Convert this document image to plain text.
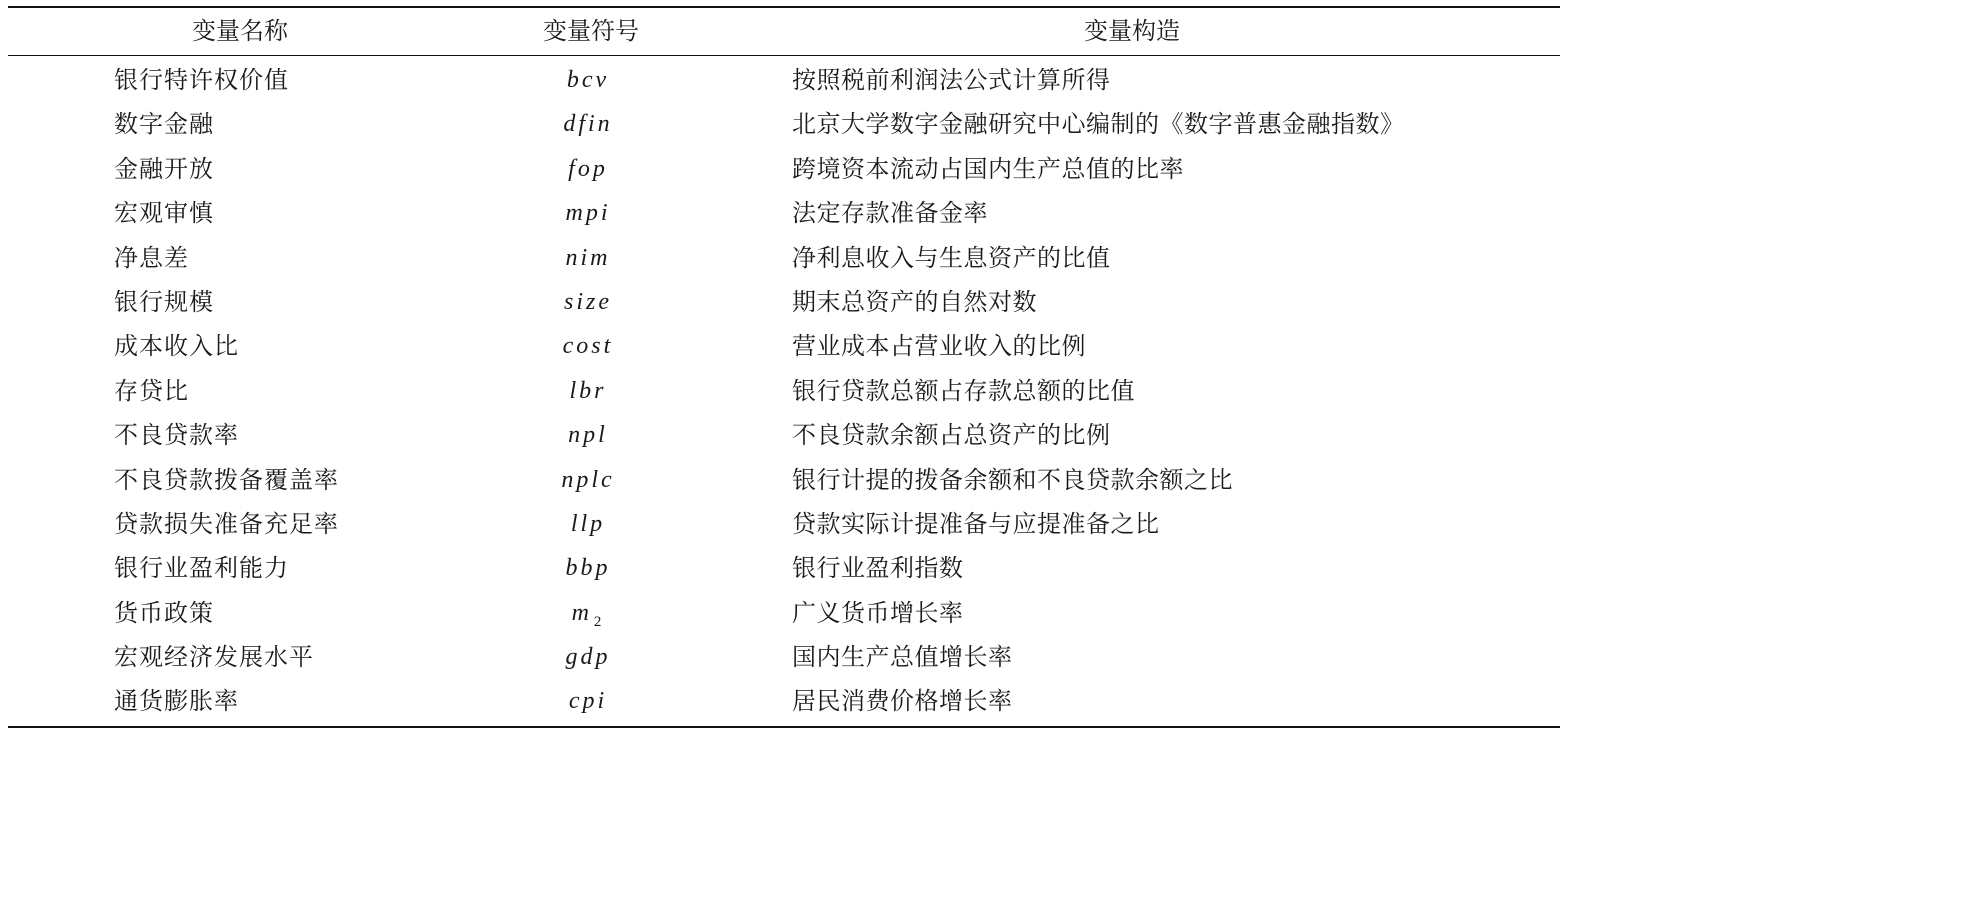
变量名称	变量符号	变量构造
银行特许权价值	bcv	按照税前利润法公式计算所得
数字金融	dfin	北京大学数字金融研究中心编制的《数字普惠金融指数》
金融开放	fop	跨境资本流动占国内生产总值的比率
宏观审慎	mpi	法定存款准备金率
净息差	nim	净利息收入与生息资产的比值
银行规模	size	期末总资产的自然对数
成本收入比	cost	营业成本占营业收入的比例
存贷比	lbr	银行贷款总额占存款总额的比值
不良贷款率	npl	不良贷款余额占总资产的比例
不良贷款拨备覆盖率	nplc	银行计提的拨备余额和不良贷款余额之比
贷款损失准备充足率	llp	贷款实际计提准备与应提准备之比
银行业盈利能力	bbp	银行业盈利指数
货币政策	m $_2$	广义货币增长率
宏观经济发展水平	gdp	国内生产总值增长率
通货膨胀率	cpi	居民消费价格增长率
